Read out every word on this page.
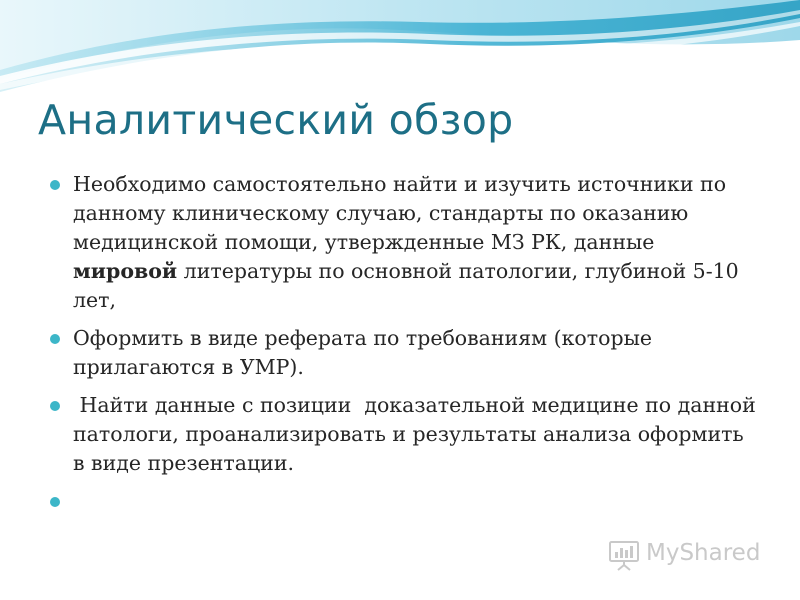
Аналитический обзор
Необходимо самостоятельно найти и изучить источники по данному клиническому случаю, стандарты по оказанию медицинской помощи, утвержденные МЗ РК, данные мировой литературы по основной патологии, глубиной 5-10 лет,
Оформить в виде реферата по требованиям (которые прилагаются в УМР).
Найти данные с позиции  доказательной медицине по данной патологи, проанализировать и результаты анализа оформить в виде презентации.
MyShared
